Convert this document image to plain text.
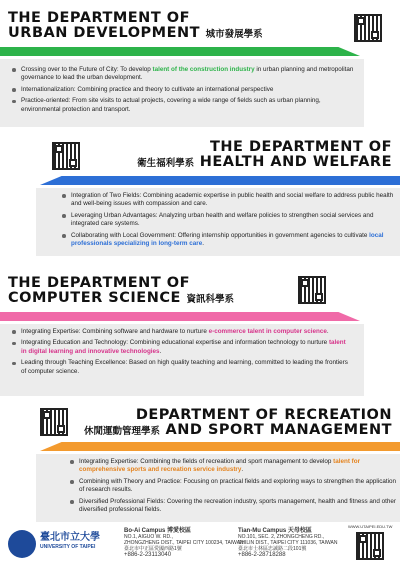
THE DEPARTMENT OF
URBAN DEVELOPMENT 城市發展學系
Crossing over to the Future of City: To develop talent of the construction industry in urban planning and metropolitan governance to lead the urban development.
Internationalization: Combining practice and theory to cultivate an international perspective
Practice-oriented: From site visits to actual projects, covering a wide range of fields such as urban planning, environmental protection and transport.
THE DEPARTMENT OF
衛生福利學系 HEALTH AND WELFARE
Integration of Two Fields: Combining academic expertise in public health and social welfare to address public health and well-being issues with compassion and care.
Leveraging Urban Advantages: Analyzing urban health and welfare policies to strengthen social services and integrated care systems.
Collaborating with Local Government: Offering internship opportunities in government agencies to cultivate local professionals specializing in long-term care.
THE DEPARTMENT OF
COMPUTER SCIENCE 資訊科學系
Integrating Expertise: Combining software and hardware to nurture e-commerce talent in computer science.
Integrating Education and Technology: Combining educational expertise and information technology to nurture talent in digital learning and innovative technologies.
Leading through Teaching Excellence: Based on high quality teaching and learning, committed to leading the frontiers of computer science.
DEPARTMENT OF RECREATION
休閒運動管理學系 AND SPORT MANAGEMENT
Integrating Expertise: Combining the fields of recreation and sport management to develop talent for comprehensive sports and recreation service industry.
Combining with Theory and Practice: Focusing on practical fields and exploring ways to strengthen the application of research results.
Diversified Professional Fields: Covering the recreation industry, sports management, health and fitness and other diversified professional fields.
臺北市立大學
UNIVERSITY OF TAIPEI
Bo-Ai Campus 博愛校區
NO.1, AIGUO W. RD.,
ZHONGZHENG DIST., TAIPEI CITY 100234, TAIWAN
臺北市中正區愛國西路1號
+886-2-23113040
Tian-Mu Campus 天母校區
NO.101, SEC. 2, ZHONGCHENG RD.,
SHILIN DIST., TAIPEI CITY 111036, TAIWAN
臺北市士林區忠誠路二段101號
+886-2-28718288
WWW.UTAIPEI.EDU.TW
